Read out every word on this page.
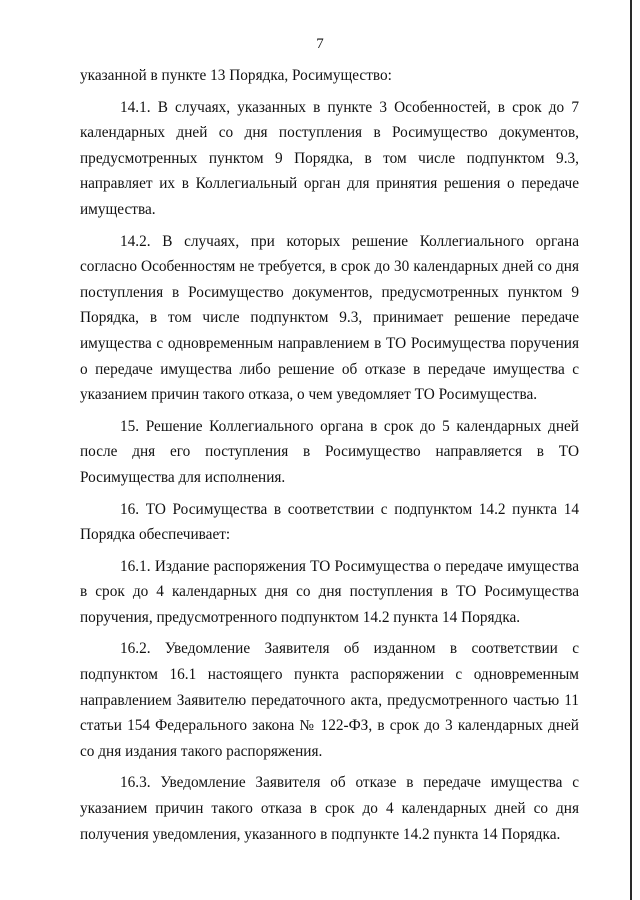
7

указанной в пункте 13 Порядка, Росимущество:

14.1. В случаях, указанных в пункте 3 Особенностей, в срок до 7 календарных дней со дня поступления в Росимущество документов, предусмотренных пунктом 9 Порядка, в том числе подпунктом 9.3, направляет их в Коллегиальный орган для принятия решения о передаче имущества.

14.2. В случаях, при которых решение Коллегиального органа согласно Особенностям не требуется, в срок до 30 календарных дней со дня поступления в Росимущество документов, предусмотренных пунктом 9 Порядка, в том числе подпунктом 9.3, принимает решение передаче имущества с одновременным направлением в ТО Росимущества поручения о передаче имущества либо решение об отказе в передаче имущества с указанием причин такого отказа, о чем уведомляет ТО Росимущества.

15. Решение Коллегиального органа в срок до 5 календарных дней после дня его поступления в Росимущество направляется в ТО Росимущества для исполнения.

16. ТО Росимущества в соответствии с подпунктом 14.2 пункта 14 Порядка обеспечивает:

16.1. Издание распоряжения ТО Росимущества о передаче имущества в срок до 4 календарных дня со дня поступления в ТО Росимущества поручения, предусмотренного подпунктом 14.2 пункта 14 Порядка.

16.2. Уведомление Заявителя об изданном в соответствии с подпунктом 16.1 настоящего пункта распоряжении с одновременным направлением Заявителю передаточного акта, предусмотренного частью 11 статьи 154 Федерального закона № 122-ФЗ, в срок до 3 календарных дней со дня издания такого распоряжения.

16.3. Уведомление Заявителя об отказе в передаче имущества с указанием причин такого отказа в срок до 4 календарных дней со дня получения уведомления, указанного в подпункте 14.2 пункта 14 Порядка.
